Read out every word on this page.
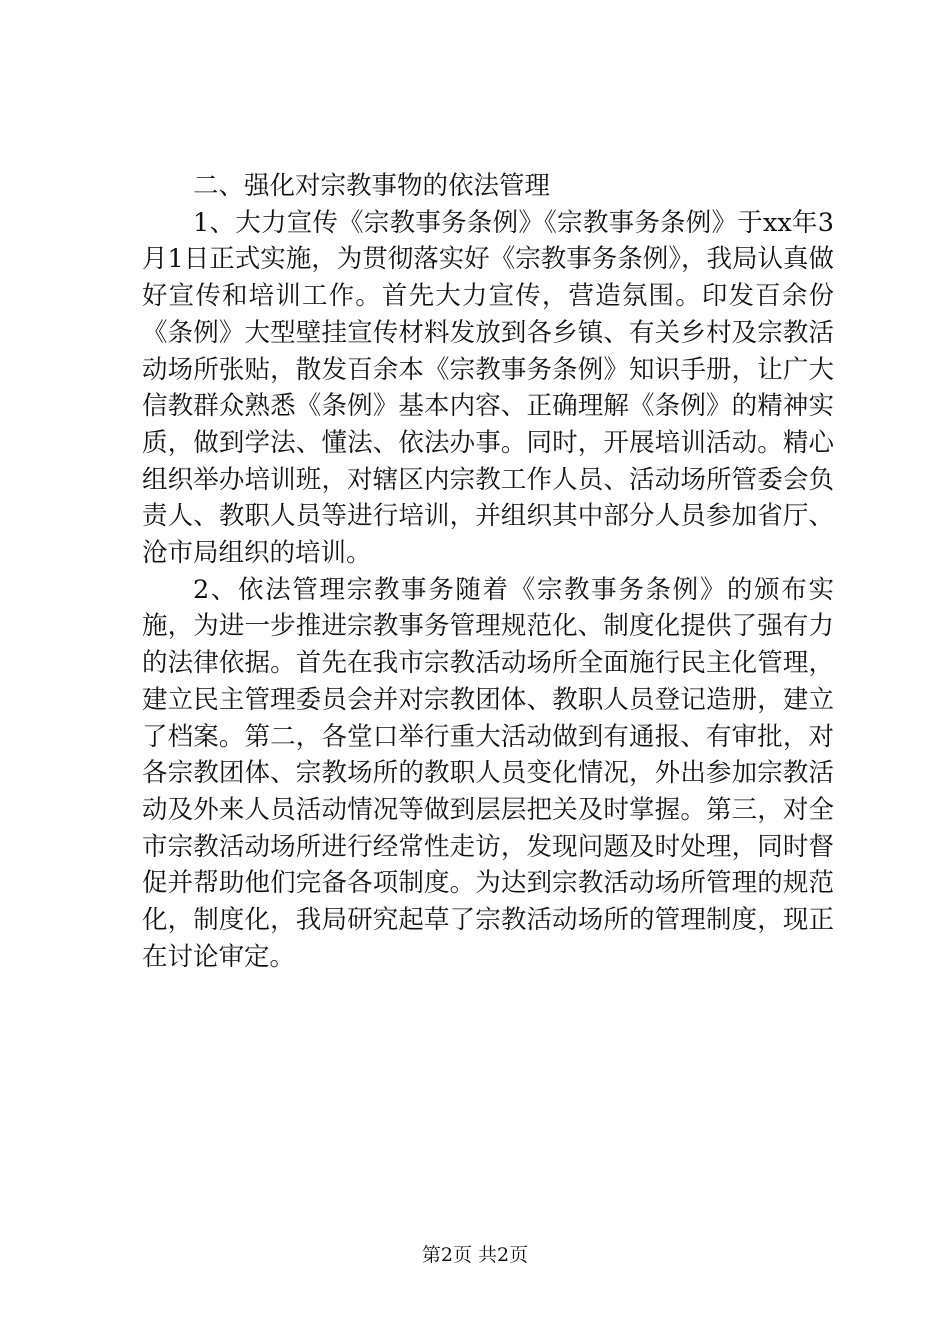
二、强化对宗教事物的依法管理

1、大力宣传《宗教事务条例》《宗教事务条例》于xx年3月1日正式实施，为贯彻落实好《宗教事务条例》，我局认真做好宣传和培训工作。首先大力宣传，营造氛围。印发百余份《条例》大型壁挂宣传材料发放到各乡镇、有关乡村及宗教活动场所张贴，散发百余本《宗教事务条例》知识手册，让广大信教群众熟悉《条例》基本内容、正确理解《条例》的精神实质，做到学法、懂法、依法办事。同时，开展培训活动。精心组织举办培训班，对辖区内宗教工作人员、活动场所管委会负责人、教职人员等进行培训，并组织其中部分人员参加省厅、沧市局组织的培训。

2、依法管理宗教事务随着《宗教事务条例》的颁布实施，为进一步推进宗教事务管理规范化、制度化提供了强有力的法律依据。首先在我市宗教活动场所全面施行民主化管理，建立民主管理委员会并对宗教团体、教职人员登记造册，建立了档案。第二，各堂口举行重大活动做到有通报、有审批，对各宗教团体、宗教场所的教职人员变化情况，外出参加宗教活动及外来人员活动情况等做到层层把关及时掌握。第三，对全市宗教活动场所进行经常性走访，发现问题及时处理，同时督促并帮助他们完备各项制度。为达到宗教活动场所管理的规范化，制度化，我局研究起草了宗教活动场所的管理制度，现正在讨论审定。

第2页 共2页
